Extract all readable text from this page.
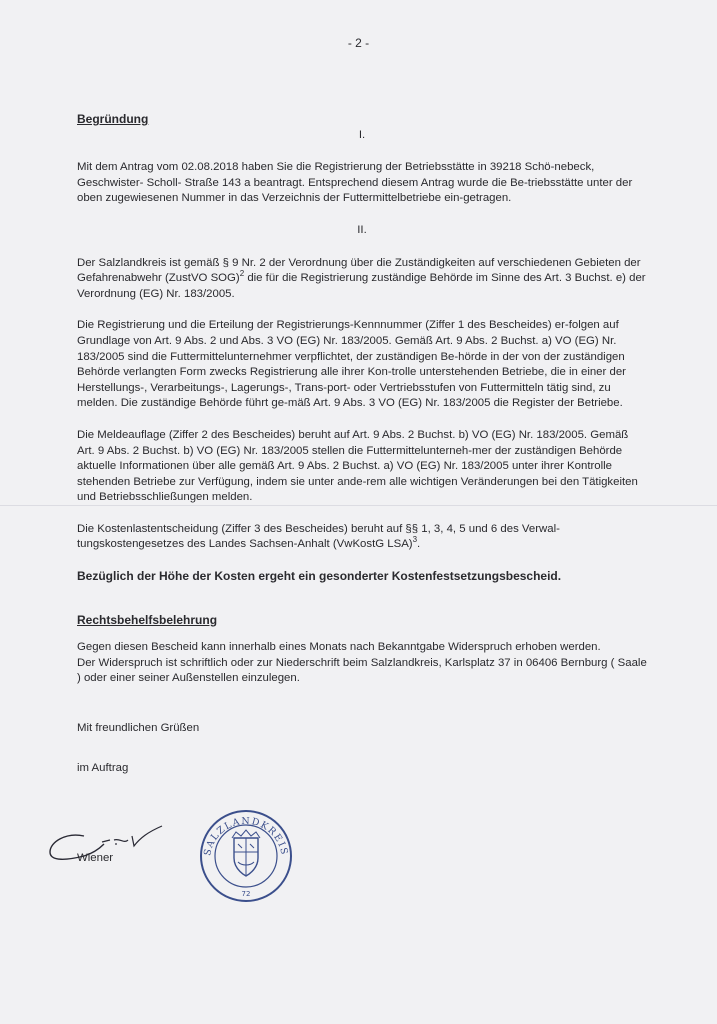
- 2 -

Begründung

I.

Mit dem Antrag vom 02.08.2018 haben Sie die Registrierung der Betriebsstätte in 39218 Schö-nebeck, Geschwister- Scholl- Straße 143 a beantragt. Entsprechend diesem Antrag wurde die Be-triebsstätte unter der oben zugewiesenen Nummer in das Verzeichnis der Futtermittelbetriebe ein-getragen.

II.

Der Salzlandkreis ist gemäß § 9 Nr. 2 der Verordnung über die Zuständigkeiten auf verschiedenen Gebieten der Gefahrenabwehr (ZustVO SOG)$^2$ die für die Registrierung zuständige Behörde im Sinne des Art. 3 Buchst. e) der Verordnung (EG) Nr. 183/2005.

Die Registrierung und die Erteilung der Registrierungs-Kennnummer (Ziffer 1 des Bescheides) er-folgen auf Grundlage von Art. 9 Abs. 2 und Abs. 3 VO (EG) Nr. 183/2005. Gemäß Art. 9 Abs. 2 Buchst. a) VO (EG) Nr. 183/2005 sind die Futtermittelunternehmer verpflichtet, der zuständigen Be-hörde in der von der zuständigen Behörde verlangten Form zwecks Registrierung alle ihrer Kon-trolle unterstehenden Betriebe, die in einer der Herstellungs-, Verarbeitungs-, Lagerungs-, Trans-port- oder Vertriebsstufen von Futtermitteln tätig sind, zu melden. Die zuständige Behörde führt ge-mäß Art. 9 Abs. 3 VO (EG) Nr. 183/2005 die Register der Betriebe.

Die Meldeauflage (Ziffer 2 des Bescheides) beruht auf Art. 9 Abs. 2 Buchst. b) VO (EG) Nr. 183/2005. Gemäß Art. 9 Abs. 2 Buchst. b) VO (EG) Nr. 183/2005 stellen die Futtermittelunterneh-mer der zuständigen Behörde aktuelle Informationen über alle gemäß Art. 9 Abs. 2 Buchst. a) VO (EG) Nr. 183/2005 unter ihrer Kontrolle stehenden Betriebe zur Verfügung, indem sie unter ande-rem alle wichtigen Veränderungen bei den Tätigkeiten und Betriebsschließungen melden.

Die Kostenlastentscheidung (Ziffer 3 des Bescheides) beruht auf §§ 1, 3, 4, 5 und 6 des Verwal-tungskostengesetzes des Landes Sachsen-Anhalt (VwKostG LSA)$^3$.

Bezüglich der Höhe der Kosten ergeht ein gesonderter Kostenfestsetzungsbescheid.

Rechtsbehelfsbelehrung

Gegen diesen Bescheid kann innerhalb eines Monats nach Bekanntgabe Widerspruch erhoben werden.

Der Widerspruch ist schriftlich oder zur Niederschrift beim Salzlandkreis, Karlsplatz 37 in 06406 Bernburg ( Saale ) oder einer seiner Außenstellen einzulegen.

Mit freundlichen Grüßen

im Auftrag

Wiener
SALZLANDKREIS
72
